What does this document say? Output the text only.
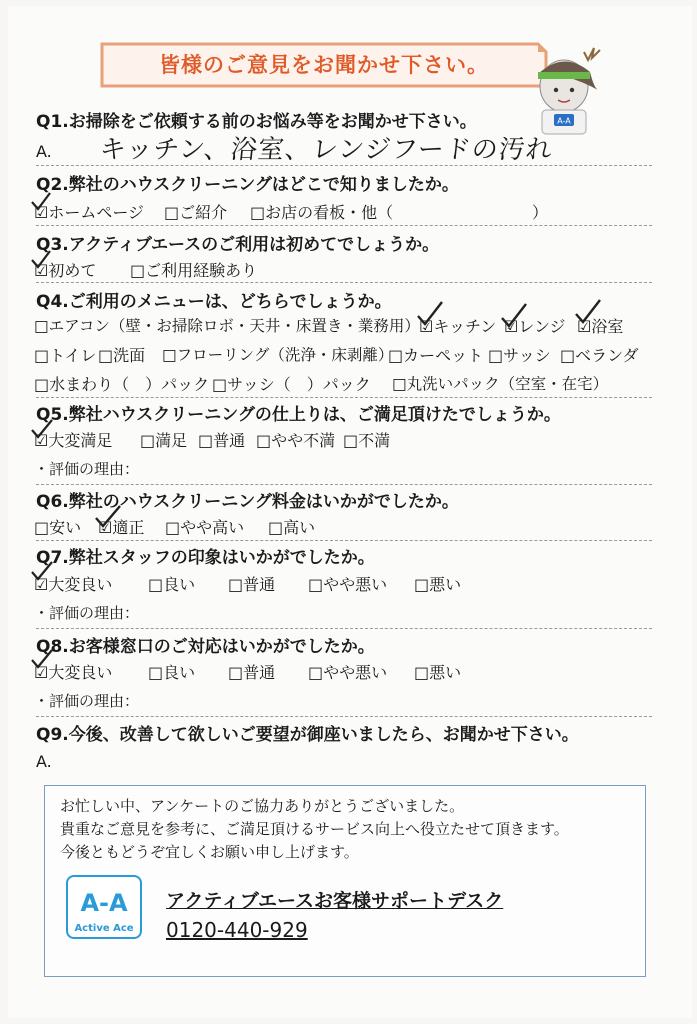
皆様のご意見をお聞かせ下さい。
A-A
Q1.お掃除をご依頼する前のお悩み等をお聞かせ下さい。
A. キッチン、浴室、レンジフードの汚れ
Q2.弊社のハウスクリーニングはどこで知りましたか。
☑ホームページ □ご紹介 □お店の看板・他（	）
Q3.アクティブエースのご利用は初めてでしょうか。
☑初めて □ご利用経験あり
Q4.ご利用のメニューは、どちらでしょうか。
□エアコン（壁・お掃除ロボ・天井・床置き・業務用） ☑キッチン ☑レンジ ☑浴室
□トイレ □洗面 □フローリング（洗浄・床剥離）
□カーペット □サッシ □ベランダ
□水まわり（　）パック □サッシ（　）パック □丸洗いパック（空室・在宅）
Q5.弊社ハウスクリーニングの仕上りは、ご満足頂けたでしょうか。
☑大変満足 □満足 □普通 □やや不満 □不満
・評価の理由：
Q6.弊社のハウスクリーニング料金はいかがでしたか。
□安い ☑適正 □やや高い □高い
Q7.弊社スタッフの印象はいかがでしたか。
☑大変良い □良い □普通 □やや悪い □悪い
・評価の理由：
Q8.お客様窓口のご対応はいかがでしたか。
☑大変良い □良い □普通 □やや悪い □悪い
・評価の理由：
Q9.今後、改善して欲しいご要望が御座いましたら、お聞かせ下さい。
A.
お忙しい中、アンケートのご協力ありがとうございました。
貴重なご意見を参考に、ご満足頂けるサービス向上へ役立たせて頂きます。
今後ともどうぞ宜しくお願い申し上げます。
A-A
Active Ace
アクティブエースお客様サポートデスク
0120-440-929
